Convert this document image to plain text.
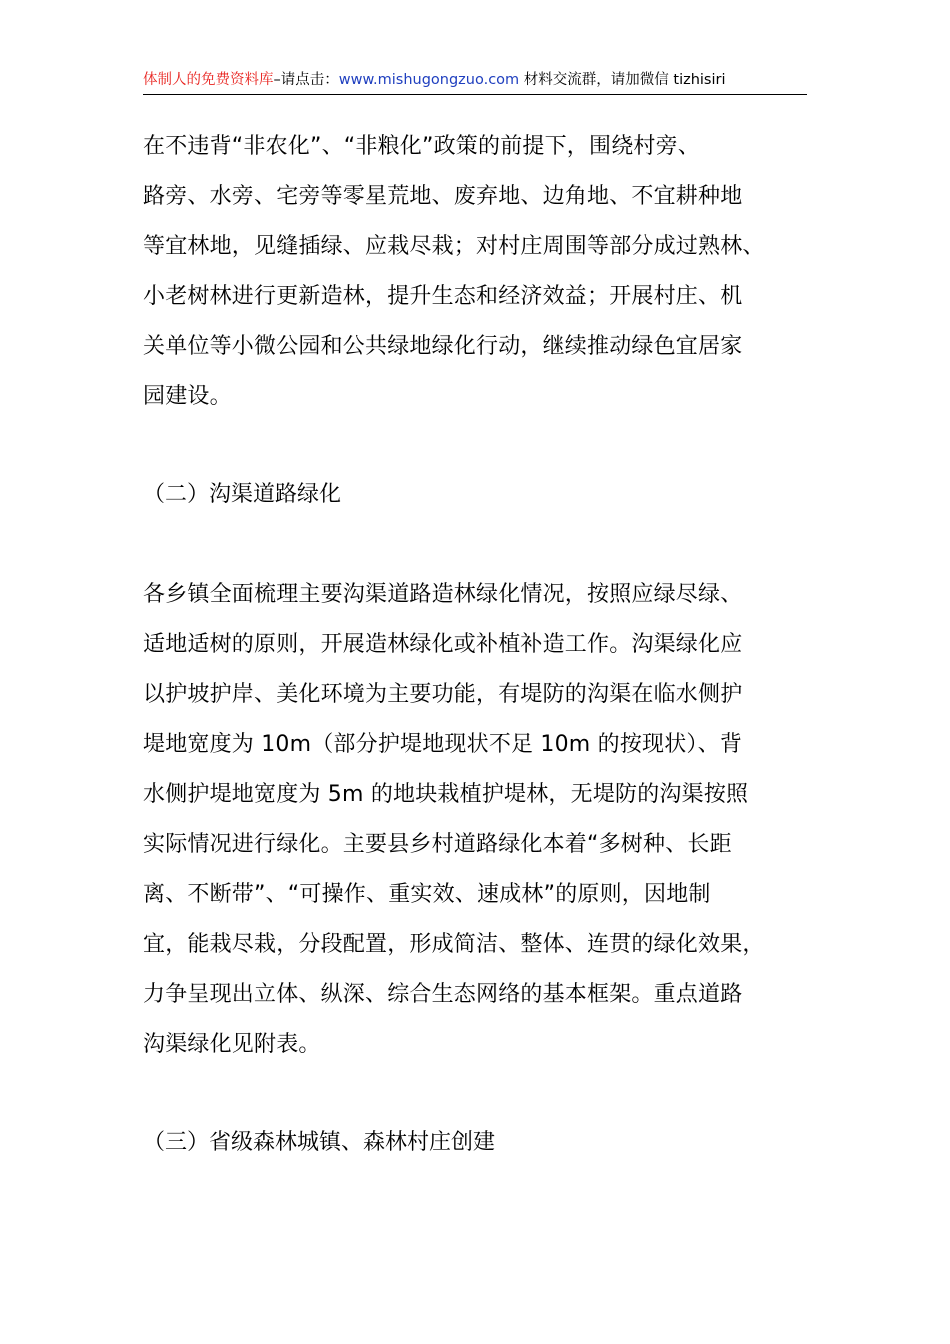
体制人的免费资料库–请点击：www.mishugongzuo.com 材料交流群，请加微信 tizhisiri
在不违背“非农化”、“非粮化”政策的前提下，围绕村旁、
路旁、水旁、宅旁等零星荒地、废弃地、边角地、不宜耕种地
等宜林地，见缝插绿、应栽尽栽；对村庄周围等部分成过熟林、
小老树林进行更新造林，提升生态和经济效益；开展村庄、机
关单位等小微公园和公共绿地绿化行动，继续推动绿色宜居家
园建设。
（二）沟渠道路绿化
各乡镇全面梳理主要沟渠道路造林绿化情况，按照应绿尽绿、
适地适树的原则，开展造林绿化或补植补造工作。沟渠绿化应
以护坡护岸、美化环境为主要功能，有堤防的沟渠在临水侧护
堤地宽度为 10m（部分护堤地现状不足 10m 的按现状）、背
水侧护堤地宽度为 5m 的地块栽植护堤林，无堤防的沟渠按照
实际情况进行绿化。主要县乡村道路绿化本着“多树种、长距
离、不断带”、“可操作、重实效、速成林”的原则，因地制
宜，能栽尽栽，分段配置，形成简洁、整体、连贯的绿化效果，
力争呈现出立体、纵深、综合生态网络的基本框架。重点道路
沟渠绿化见附表。
（三）省级森林城镇、森林村庄创建
